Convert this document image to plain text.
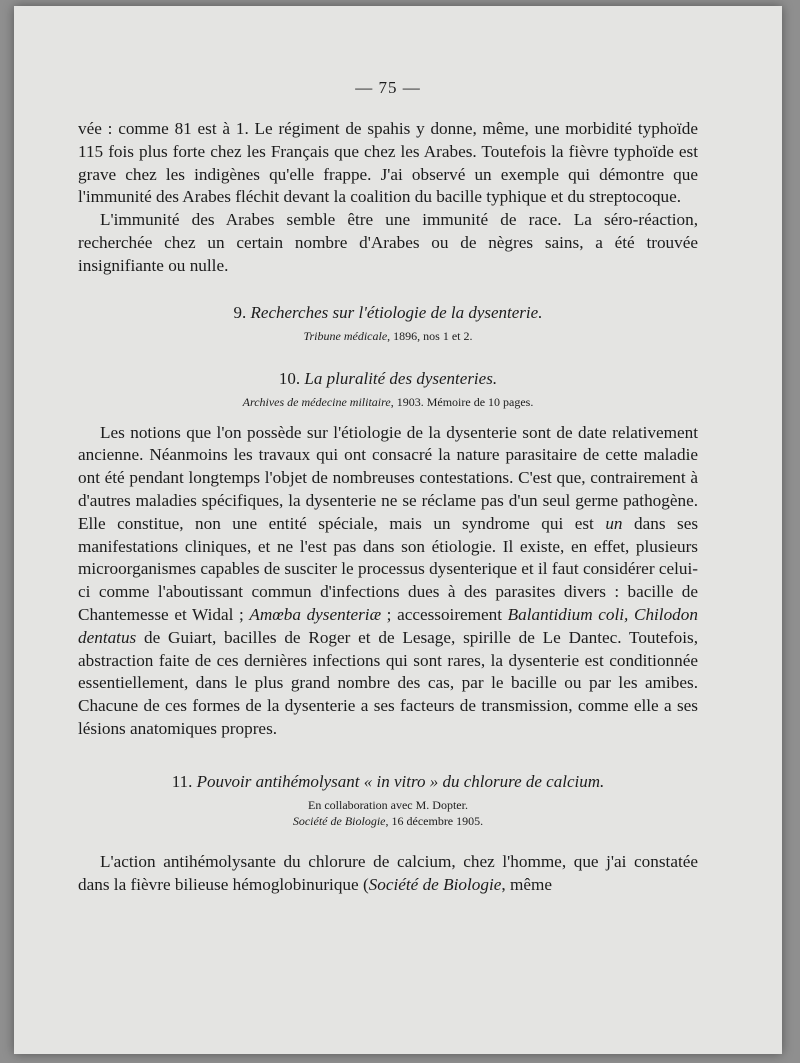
— 75 —

vée : comme 81 est à 1. Le régiment de spahis y donne, même, une morbidité typhoïde 115 fois plus forte chez les Français que chez les Arabes. Toutefois la fièvre typhoïde est grave chez les indigènes qu'elle frappe. J'ai observé un exemple qui démontre que l'immunité des Arabes fléchit devant la coalition du bacille typhique et du streptocoque.

L'immunité des Arabes semble être une immunité de race. La séro-réaction, recherchée chez un certain nombre d'Arabes ou de nègres sains, a été trouvée insignifiante ou nulle.

9. Recherches sur l'étiologie de la dysenterie.
Tribune médicale, 1896, nos 1 et 2.
10. La pluralité des dysenteries.
Archives de médecine militaire, 1903. Mémoire de 10 pages.

Les notions que l'on possède sur l'étiologie de la dysenterie sont de date relativement ancienne. Néanmoins les travaux qui ont consacré la nature parasitaire de cette maladie ont été pendant longtemps l'objet de nombreuses contestations. C'est que, contrairement à d'autres maladies spécifiques, la dysenterie ne se réclame pas d'un seul germe pathogène. Elle constitue, non une entité spéciale, mais un syndrome qui est un dans ses manifestations cliniques, et ne l'est pas dans son étiologie. Il existe, en effet, plusieurs microorganismes capables de susciter le processus dysenterique et il faut considérer celui-ci comme l'aboutissant commun d'infections dues à des parasites divers : bacille de Chantemesse et Widal ; Amœba dysenteriæ ; accessoirement Balantidium coli, Chilodon dentatus de Guiart, bacilles de Roger et de Lesage, spirille de Le Dantec. Toutefois, abstraction faite de ces dernières infections qui sont rares, la dysenterie est conditionnée essentiellement, dans le plus grand nombre des cas, par le bacille ou par les amibes. Chacune de ces formes de la dysenterie a ses facteurs de transmission, comme elle a ses lésions anatomiques propres.

11. Pouvoir antihémolysant « in vitro » du chlorure de calcium.
En collaboration avec M. Dopter.
Société de Biologie, 16 décembre 1905.

L'action antihémolysante du chlorure de calcium, chez l'homme, que j'ai constatée dans la fièvre bilieuse hémoglobinurique (Société de Biologie, même
